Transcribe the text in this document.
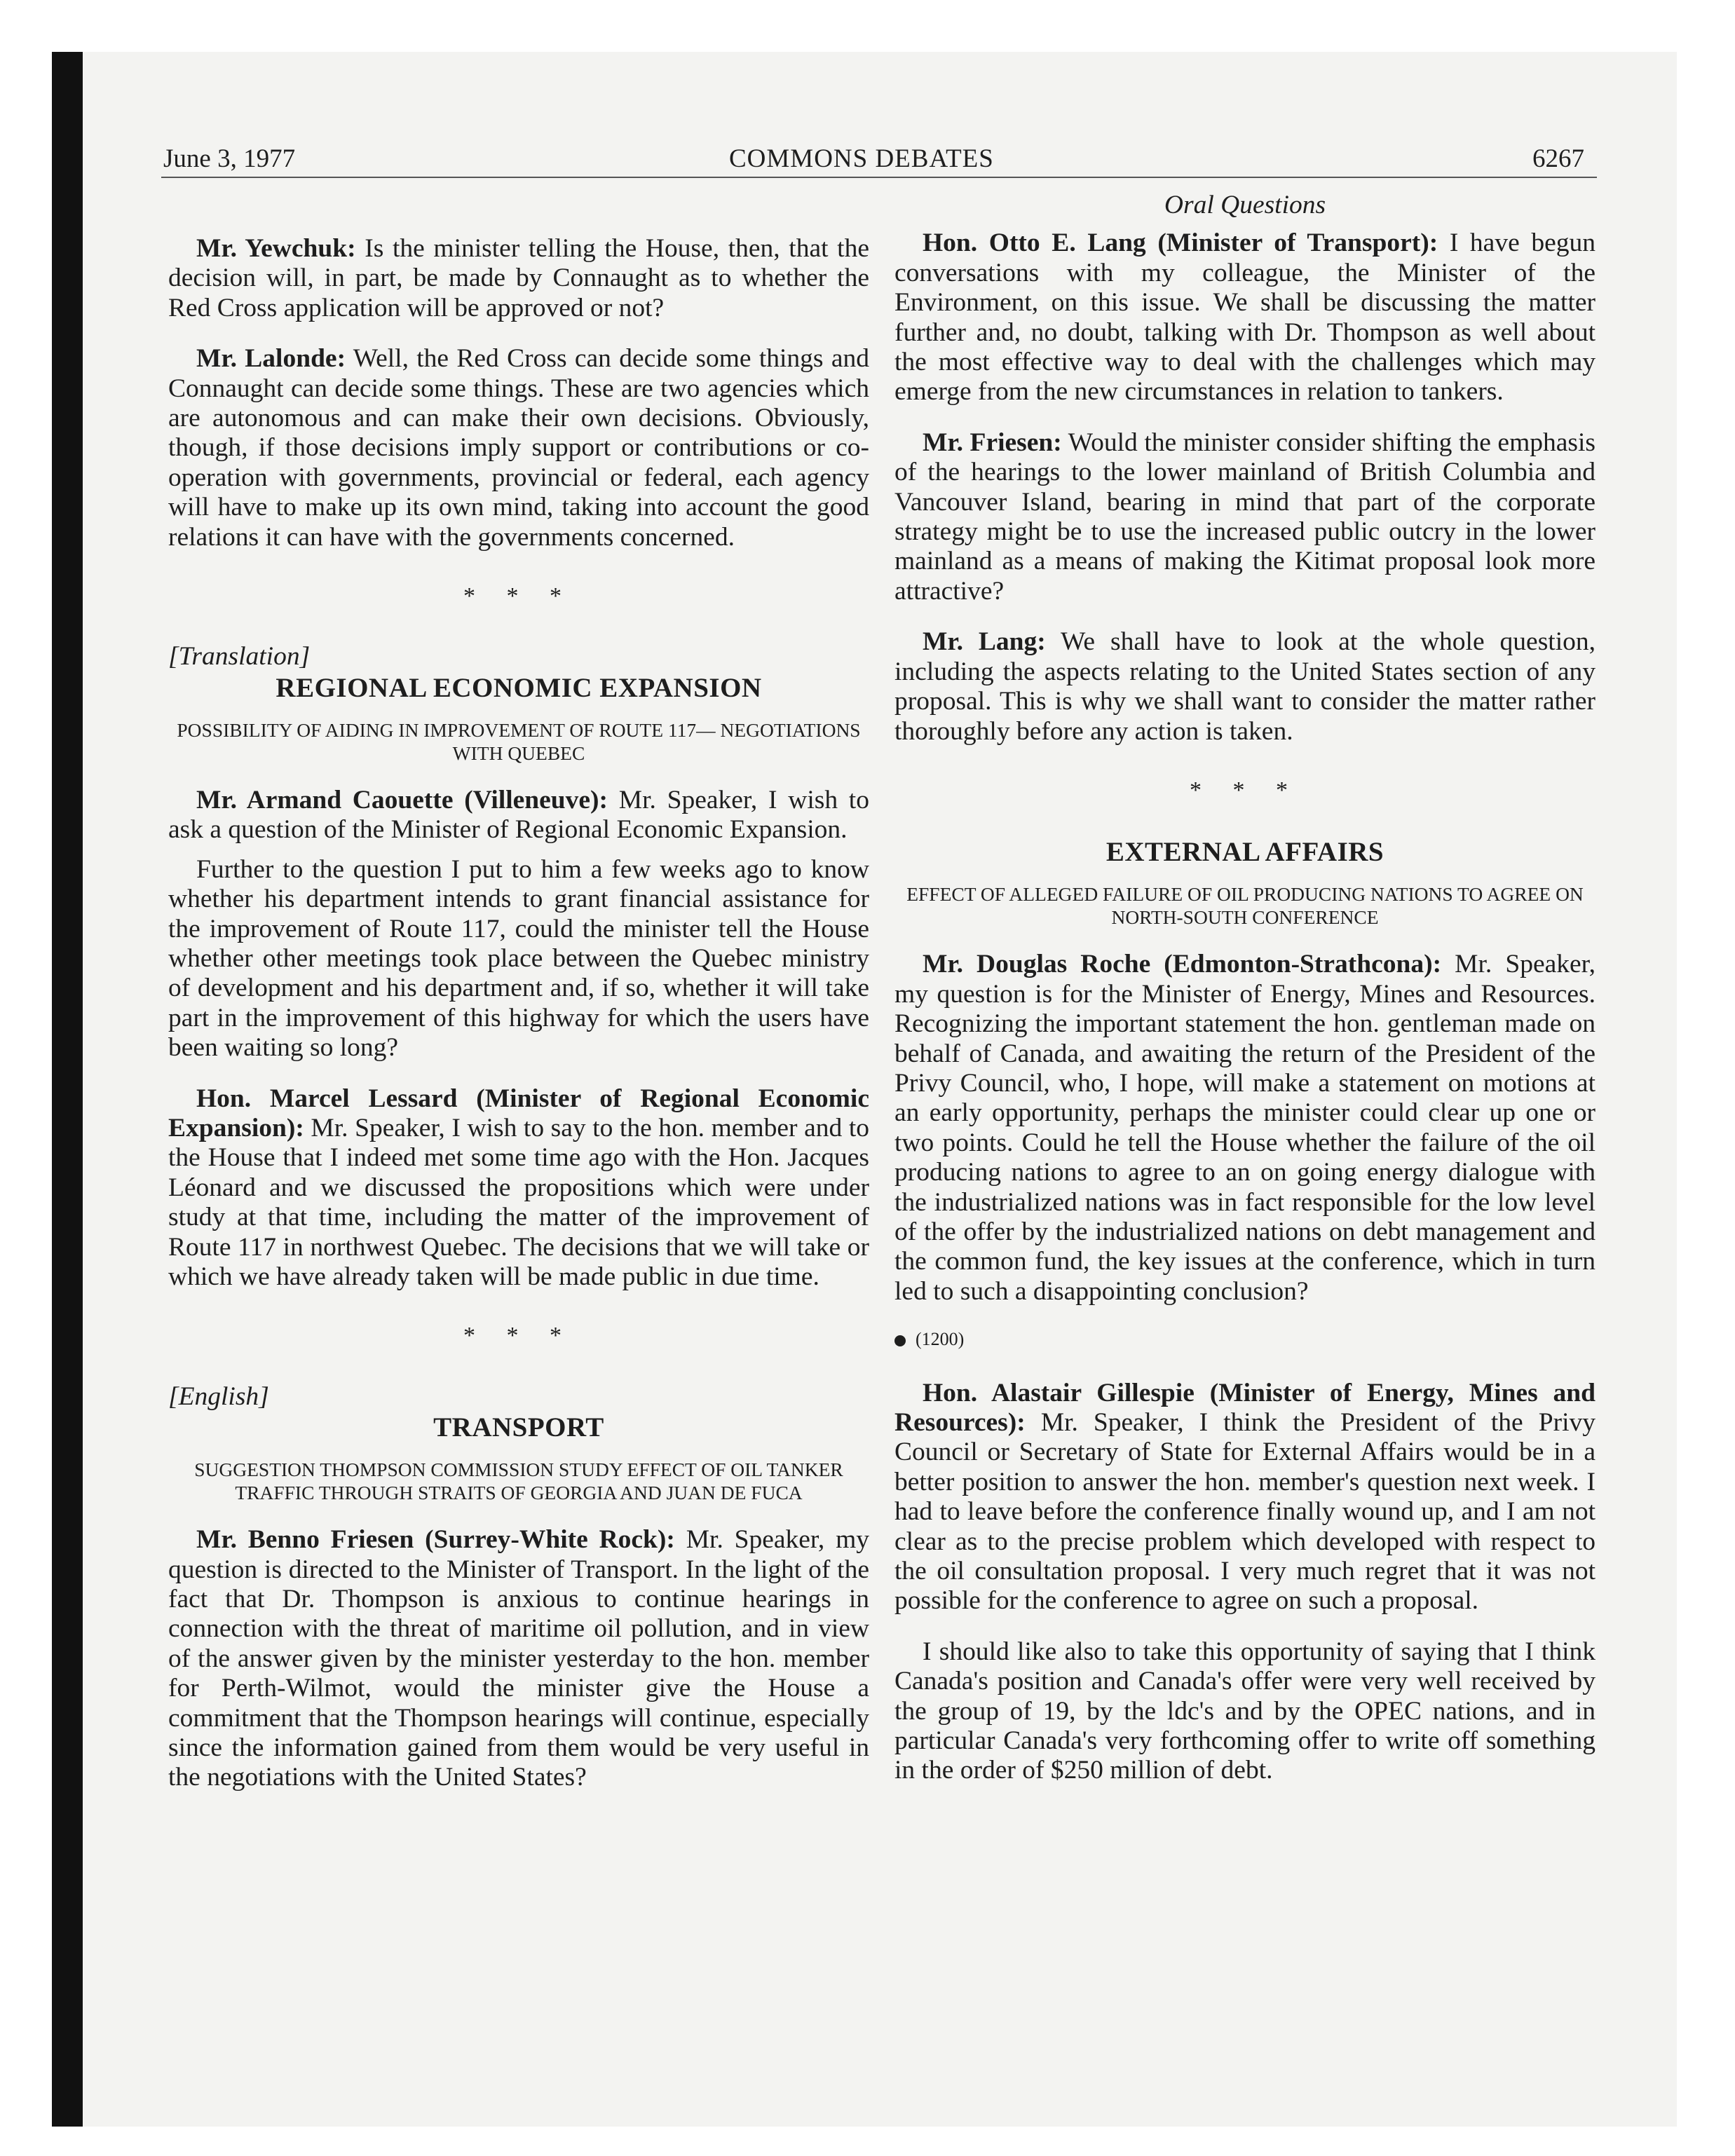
June 3, 1977	COMMONS DEBATES	6267

Mr. Yewchuk: Is the minister telling the House, then, that the decision will, in part, be made by Connaught as to whether the Red Cross application will be approved or not?

Mr. Lalonde: Well, the Red Cross can decide some things and Connaught can decide some things. These are two agencies which are autonomous and can make their own decisions. Obviously, though, if those decisions imply support or contributions or co-operation with governments, provincial or federal, each agency will have to make up its own mind, taking into account the good relations it can have with the governments concerned.

* * *

[Translation]

REGIONAL ECONOMIC EXPANSION

POSSIBILITY OF AIDING IN IMPROVEMENT OF ROUTE 117— NEGOTIATIONS WITH QUEBEC

Mr. Armand Caouette (Villeneuve): Mr. Speaker, I wish to ask a question of the Minister of Regional Economic Expansion.

Further to the question I put to him a few weeks ago to know whether his department intends to grant financial assistance for the improvement of Route 117, could the minister tell the House whether other meetings took place between the Quebec ministry of development and his department and, if so, whether it will take part in the improvement of this highway for which the users have been waiting so long?

Hon. Marcel Lessard (Minister of Regional Economic Expansion): Mr. Speaker, I wish to say to the hon. member and to the House that I indeed met some time ago with the Hon. Jacques Léonard and we discussed the propositions which were under study at that time, including the matter of the improvement of Route 117 in northwest Quebec. The decisions that we will take or which we have already taken will be made public in due time.

* * *

[English]

TRANSPORT

SUGGESTION THOMPSON COMMISSION STUDY EFFECT OF OIL TANKER TRAFFIC THROUGH STRAITS OF GEORGIA AND JUAN DE FUCA

Mr. Benno Friesen (Surrey-White Rock): Mr. Speaker, my question is directed to the Minister of Transport. In the light of the fact that Dr. Thompson is anxious to continue hearings in connection with the threat of maritime oil pollution, and in view of the answer given by the minister yesterday to the hon. member for Perth-Wilmot, would the minister give the House a commitment that the Thompson hearings will continue, especially since the information gained from them would be very useful in the negotiations with the United States?

Oral Questions

Hon. Otto E. Lang (Minister of Transport): I have begun conversations with my colleague, the Minister of the Environment, on this issue. We shall be discussing the matter further and, no doubt, talking with Dr. Thompson as well about the most effective way to deal with the challenges which may emerge from the new circumstances in relation to tankers.

Mr. Friesen: Would the minister consider shifting the emphasis of the hearings to the lower mainland of British Columbia and Vancouver Island, bearing in mind that part of the corporate strategy might be to use the increased public outcry in the lower mainland as a means of making the Kitimat proposal look more attractive?

Mr. Lang: We shall have to look at the whole question, including the aspects relating to the United States section of any proposal. This is why we shall want to consider the matter rather thoroughly before any action is taken.

* * *

EXTERNAL AFFAIRS

EFFECT OF ALLEGED FAILURE OF OIL PRODUCING NATIONS TO AGREE ON NORTH-SOUTH CONFERENCE

Mr. Douglas Roche (Edmonton-Strathcona): Mr. Speaker, my question is for the Minister of Energy, Mines and Resources. Recognizing the important statement the hon. gentleman made on behalf of Canada, and awaiting the return of the President of the Privy Council, who, I hope, will make a statement on motions at an early opportunity, perhaps the minister could clear up one or two points. Could he tell the House whether the failure of the oil producing nations to agree to an on going energy dialogue with the industrialized nations was in fact responsible for the low level of the offer by the industrialized nations on debt management and the common fund, the key issues at the conference, which in turn led to such a disappointing conclusion?

(1200)

Hon. Alastair Gillespie (Minister of Energy, Mines and Resources): Mr. Speaker, I think the President of the Privy Council or Secretary of State for External Affairs would be in a better position to answer the hon. member's question next week. I had to leave before the conference finally wound up, and I am not clear as to the precise problem which developed with respect to the oil consultation proposal. I very much regret that it was not possible for the conference to agree on such a proposal.

I should like also to take this opportunity of saying that I think Canada's position and Canada's offer were very well received by the group of 19, by the ldc's and by the OPEC nations, and in particular Canada's very forthcoming offer to write off something in the order of $250 million of debt.
